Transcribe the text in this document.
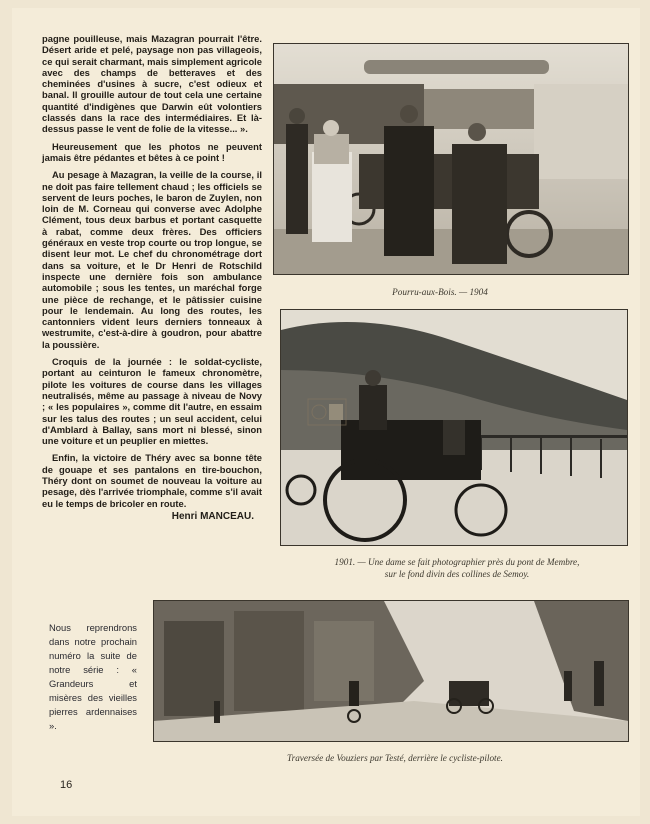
pagne pouilleuse, mais Mazagran pourrait l'être. Désert aride et pelé, paysage non pas villageois, ce qui serait charmant, mais simplement agricole avec des champs de betteraves et des cheminées d'usines à sucre, c'est odieux et banal. Il grouille autour de tout cela une certaine quantité d'indigènes que Darwin eût volontiers classés dans la race des intermédiaires. Et là-dessus passe le vent de folie de la vitesse... ».

Heureusement que les photos ne peuvent jamais être pédantes et bêtes à ce point !

Au pesage à Mazagran, la veille de la course, il ne doit pas faire tellement chaud ; les officiels se servent de leurs poches, le baron de Zuylen, non loin de M. Corneau qui converse avec Adolphe Clément, tous deux barbus et portant casquette à rabat, comme deux frères. Des officiers généraux en veste trop courte ou trop longue, se disent leur mot. Le chef du chronométrage dort dans sa voiture, et le Dr Henri de Rotschild inspecte une dernière fois son ambulance automobile ; sous les tentes, un maréchal forge une pièce de rechange, et le pâtissier cuisine pour le lendemain. Au long des routes, les cantonniers vident leurs derniers tonneaux à westrumite, c'est-à-dire à goudron, pour abattre la poussière.

Croquis de la journée : le soldat-cycliste, portant au ceinturon le fameux chronomètre, pilote les voitures de course dans les villages neutralisés, même au passage à niveau de Novy ; « les populaires », comme dit l'autre, en essaim sur les talus des routes ; un seul accident, celui d'Amblard à Ballay, sans mort ni blessé, sinon une voiture et un peuplier en miettes.

Enfin, la victoire de Théry avec sa bonne tête de gouape et ses pantalons en tire-bouchon, Théry dont on soumet de nouveau la voiture au pesage, dès l'arrivée triomphale, comme s'il avait eu le temps de bricoler en route.

Henri MANCEAU.
Pourru-aux-Bois. — 1904
1901. — Une dame se fait photographier près du pont de Membre,
sur le fond divin des collines de Semoy.
Traversée de Vouziers par Testé, derrière le cycliste-pilote.
Nous reprendrons dans notre prochain numéro la suite de notre série : « Grandeurs et misères des vieilles pierres ardennaises ».
16
